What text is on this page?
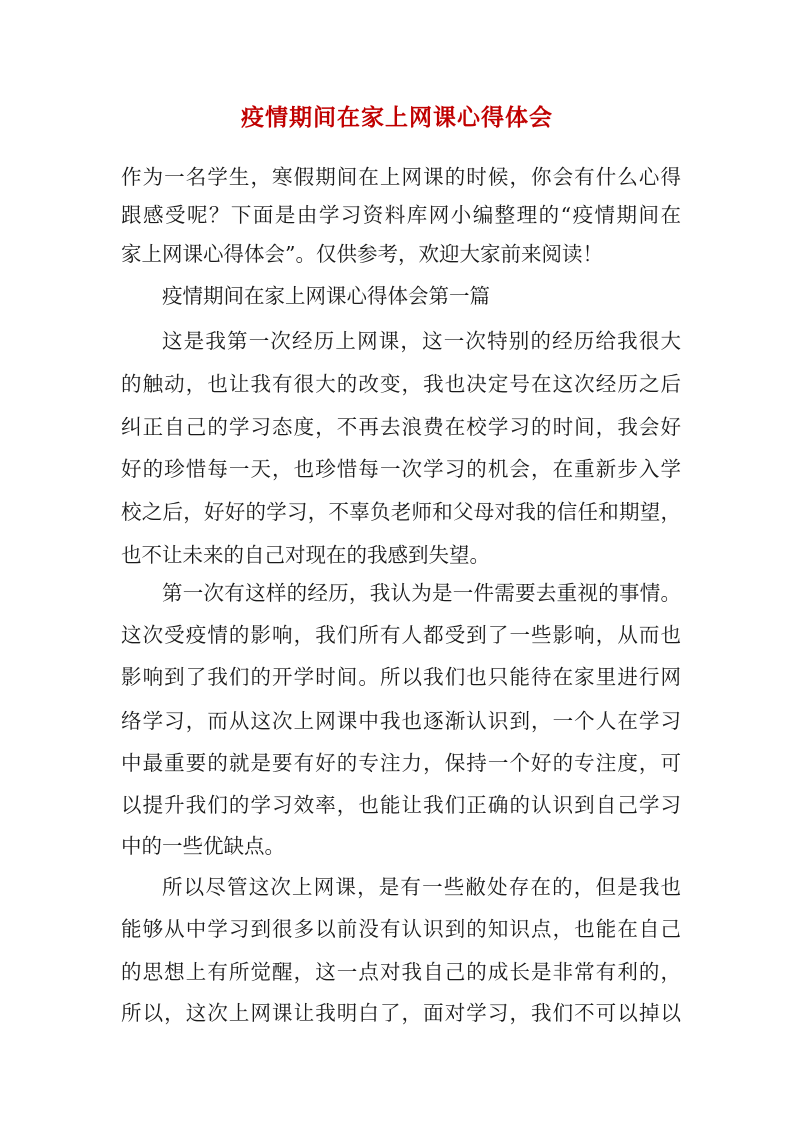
疫情期间在家上网课心得体会
作为一名学生，寒假期间在上网课的时候，你会有什么心得
跟感受呢？下面是由学习资料库网小编整理的“疫情期间在
家上网课心得体会”。仅供参考，欢迎大家前来阅读！
疫情期间在家上网课心得体会第一篇
这是我第一次经历上网课，这一次特别的经历给我很大
的触动，也让我有很大的改变，我也决定号在这次经历之后
纠正自己的学习态度，不再去浪费在校学习的时间，我会好
好的珍惜每一天，也珍惜每一次学习的机会，在重新步入学
校之后，好好的学习，不辜负老师和父母对我的信任和期望，
也不让未来的自己对现在的我感到失望。
第一次有这样的经历，我认为是一件需要去重视的事情。
这次受疫情的影响，我们所有人都受到了一些影响，从而也
影响到了我们的开学时间。所以我们也只能待在家里进行网
络学习，而从这次上网课中我也逐渐认识到，一个人在学习
中最重要的就是要有好的专注力，保持一个好的专注度，可
以提升我们的学习效率，也能让我们正确的认识到自己学习
中的一些优缺点。
所以尽管这次上网课，是有一些敝处存在的，但是我也
能够从中学习到很多以前没有认识到的知识点，也能在自己
的思想上有所觉醒，这一点对我自己的成长是非常有利的，
所以，这次上网课让我明白了，面对学习，我们不可以掉以
